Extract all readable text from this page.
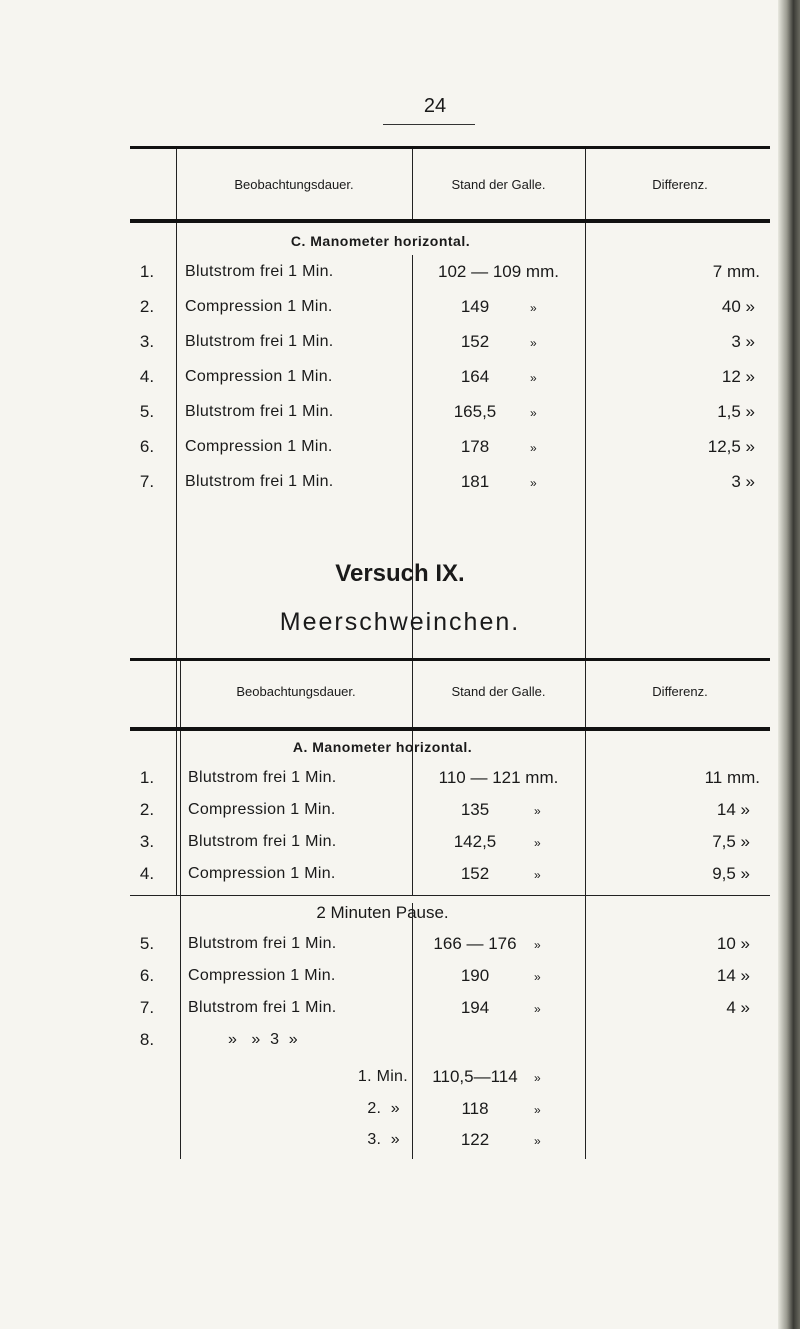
24
Beobachtungsdauer.	Stand der Galle.	Differenz.
C. Manometer horizontal.
1.	Blutstrom frei 1 Min.	102 — 109 mm.	7 mm.
2.	Compression 1 Min.	149	»	40 »
3.	Blutstrom frei 1 Min.	152	»	3 »
4.	Compression 1 Min.	164	»	12 »
5.	Blutstrom frei 1 Min.	165,5	»	1,5 »
6.	Compression 1 Min.	178	»	12,5 »
7.	Blutstrom frei 1 Min.	181	»	3 »
Versuch IX.
Meerschweinchen.
Beobachtungsdauer.	Stand der Galle.	Differenz.
A. Manometer horizontal.
1.	Blutstrom frei 1 Min.	110 — 121 mm.	11 mm.
2.	Compression 1 Min.	135	»	14 »
3.	Blutstrom frei 1 Min.	142,5	»	7,5 »
4.	Compression 1 Min.	152	»	9,5 »
2 Minuten Pause.
5.	Blutstrom frei 1 Min.	166 — 176	»	10 »
6.	Compression 1 Min.	190	»	14 »
7.	Blutstrom frei 1 Min.	194	»	4 »
8.	»   »  3  »
1. Min.	110,5—114	»
2.  »	118	»
3.  »	122	»
